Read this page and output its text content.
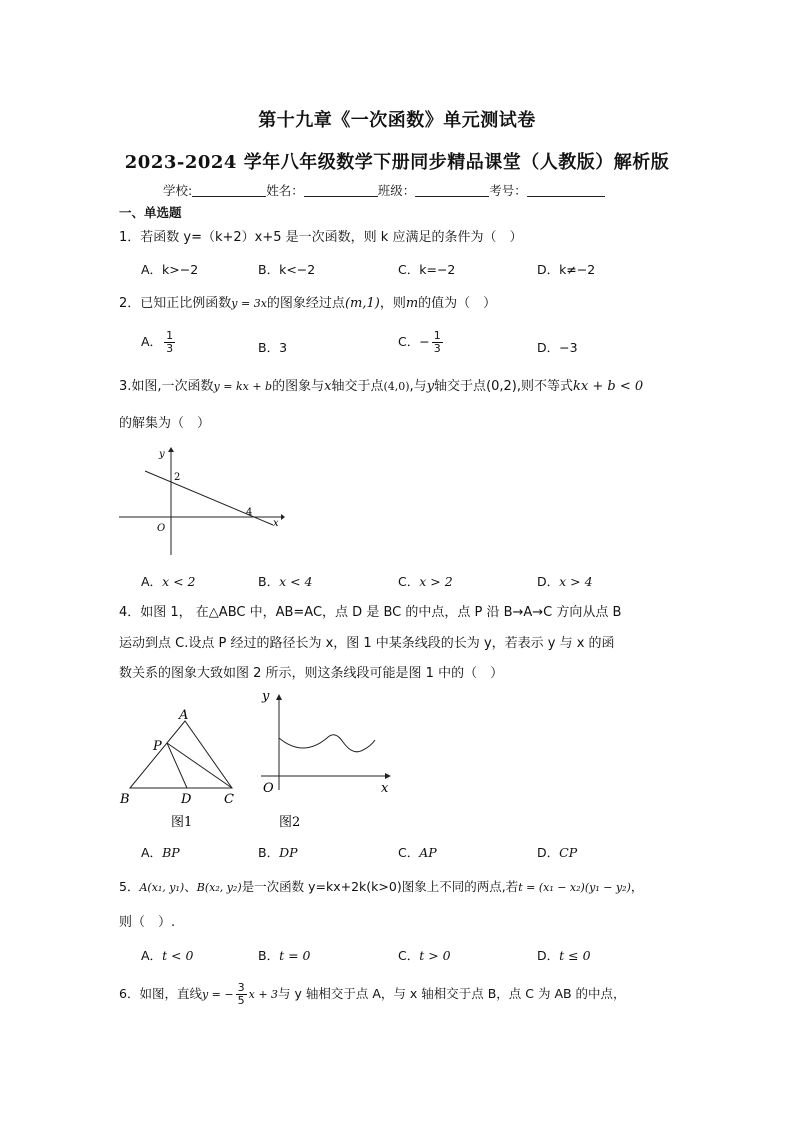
第十九章《一次函数》单元测试卷
2023-2024 学年八年级数学下册同步精品课堂（人教版）解析版
学校:	姓名：	班级：	考号：
一、单选题
1．若函数 y=（k+2）x+5 是一次函数，则 k 应满足的条件为（　）
A．k>−2	B．k<−2	C．k=−2	D．k≠−2
2．已知正比例函数y = 3x的图象经过点(m,1)，则m的值为（　）
A． $\frac{1}{3}$	B．3	C．− $\frac{1}{3}$	D．−3
3.如图,一次函数y = kx + b的图象与x轴交于点(4,0),与y轴交于点(0,2),则不等式kx + b < 0
的解集为（　）
y
x
O
2
4
A．x < 2	B．x < 4	C．x > 2	D．x > 4
4．如图 1， 在△ABC 中，AB=AC，点 D 是 BC 的中点，点 P 沿 B→A→C 方向从点 B
运动到点 C.设点 P 经过的路径长为 x，图 1 中某条线段的长为 y，若表示 y 与 x 的函
数关系的图象大致如图 2 所示，则这条线段可能是图 1 中的（　）
A
P
B	D	C
图1
y
x
O
图2
A．BP	B．DP	C．AP	D．CP
5．A(x₁, y₁)、B(x₂, y₂)是一次函数 y=kx+2k(k>0)图象上不同的两点,若t = (x₁ − x₂)(y₁ − y₂)，
则（　）.
A．t < 0	B．t = 0	C．t > 0	D．t ≤ 0
6．如图，直线y = − $\frac{3}{5}$ x + 3与 y 轴相交于点 A，与 x 轴相交于点 B，点 C 为 AB 的中点，
